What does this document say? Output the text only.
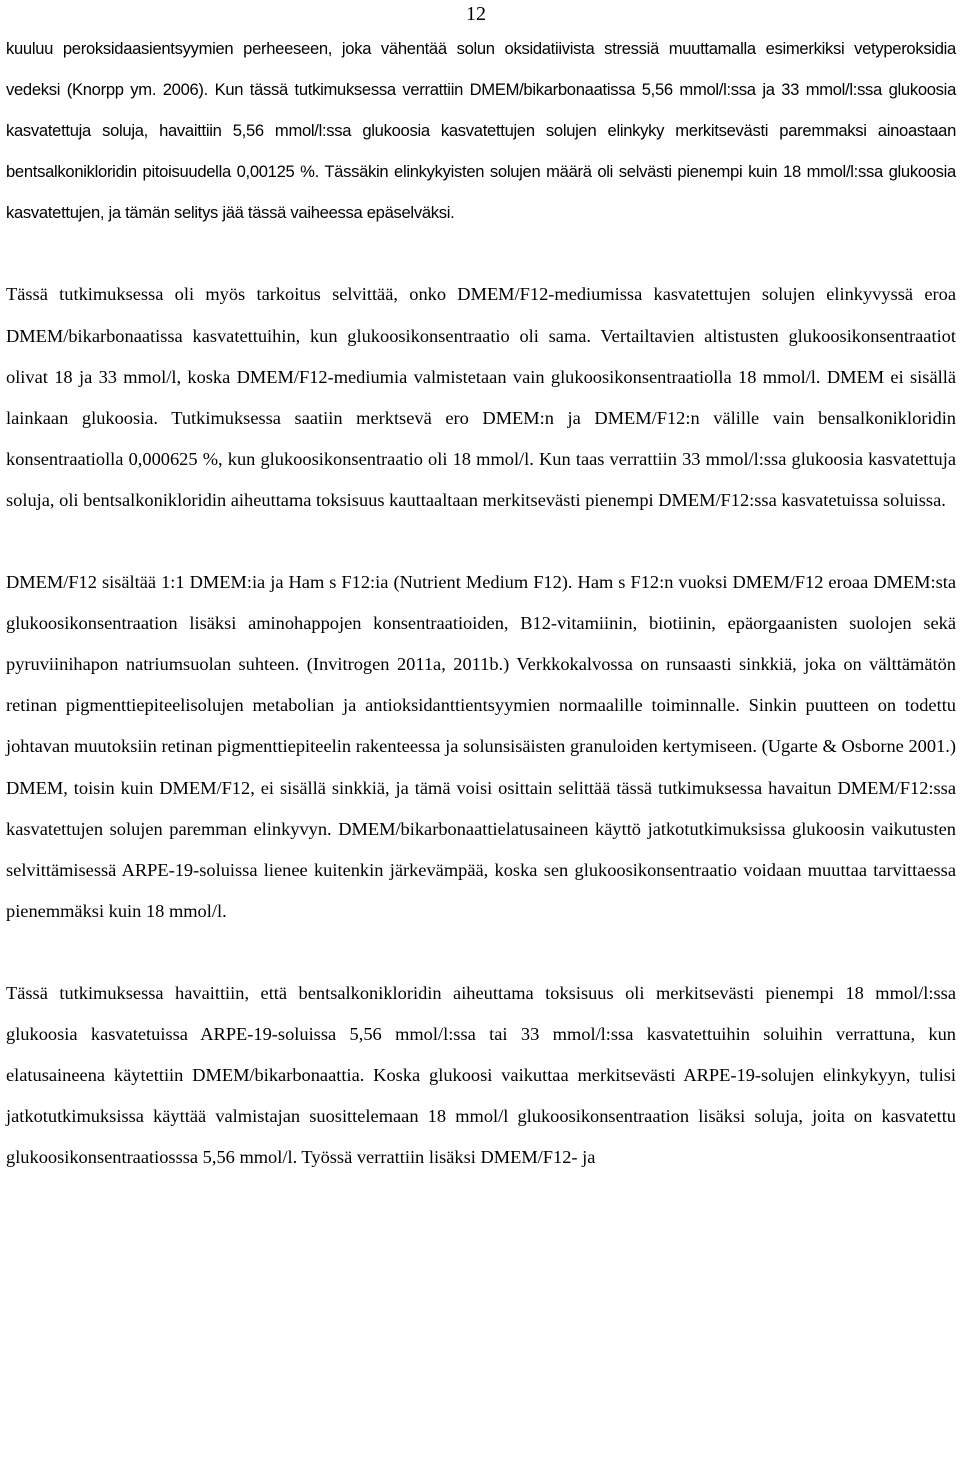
12

kuuluu peroksidaasientsyymien perheeseen, joka vähentää solun oksidatiivista stressiä muuttamalla esimerkiksi vetyperoksidia vedeksi (Knorpp ym. 2006). Kun tässä tutkimuksessa verrattiin DMEM/bikarbonaatissa 5,56 mmol/l:ssa ja 33 mmol/l:ssa glukoosia kasvatettuja soluja, havaittiin 5,56 mmol/l:ssa glukoosia kasvatettujen solujen elinkyky merkitsevästi paremmaksi ainoastaan bentsalkonikloridin pitoisuudella 0,00125 %. Tässäkin elinkykyisten solujen määrä oli selvästi pienempi kuin 18 mmol/l:ssa glukoosia kasvatettujen, ja tämän selitys jää tässä vaiheessa epäselväksi.

Tässä tutkimuksessa oli myös tarkoitus selvittää, onko DMEM/F12-mediumissa kasvatettujen solujen elinkyvyssä eroa DMEM/bikarbonaatissa kasvatettuihin, kun glukoosikonsentraatio oli sama. Vertailtavien altistusten glukoosikonsentraatiot olivat 18 ja 33 mmol/l, koska DMEM/F12-mediumia valmistetaan vain glukoosikonsentraatiolla 18 mmol/l. DMEM ei sisällä lainkaan glukoosia. Tutkimuksessa saatiin merktsevä ero DMEM:n ja DMEM/F12:n välille vain bensalkonikloridin konsentraatiolla 0,000625 %, kun glukoosikonsentraatio oli 18 mmol/l. Kun taas verrattiin 33 mmol/l:ssa glukoosia kasvatettuja soluja, oli bentsalkonikloridin aiheuttama toksisuus kauttaaltaan merkitsevästi pienempi DMEM/F12:ssa kasvatetuissa soluissa.

DMEM/F12 sisältää 1:1 DMEM:ia ja Ham s F12:ia (Nutrient Medium F12). Ham s F12:n vuoksi DMEM/F12 eroaa DMEM:sta glukoosikonsentraation lisäksi aminohappojen konsentraatioiden, B12-vitamiinin, biotiinin, epäorgaanisten suolojen sekä pyruviinihapon natriumsuolan suhteen. (Invitrogen 2011a, 2011b.) Verkkokalvossa on runsaasti sinkkiä, joka on välttämätön retinan pigmenttiepiteelisolujen metabolian ja antioksidanttientsyymien normaalille toiminnalle. Sinkin puutteen on todettu johtavan muutoksiin retinan pigmenttiepiteelin rakenteessa ja solunsisäisten granuloiden kertymiseen. (Ugarte & Osborne 2001.) DMEM, toisin kuin DMEM/F12, ei sisällä sinkkiä, ja tämä voisi osittain selittää tässä tutkimuksessa havaitun DMEM/F12:ssa kasvatettujen solujen paremman elinkyvyn. DMEM/bikarbonaattielatusaineen käyttö jatkotutkimuksissa glukoosin vaikutusten selvittämisessä ARPE-19-soluissa lienee kuitenkin järkevämpää, koska sen glukoosikonsentraatio voidaan muuttaa tarvittaessa pienemmäksi kuin 18 mmol/l.

Tässä tutkimuksessa havaittiin, että bentsalkonikloridin aiheuttama toksisuus oli merkitsevästi pienempi 18 mmol/l:ssa glukoosia kasvatetuissa ARPE-19-soluissa 5,56 mmol/l:ssa tai 33 mmol/l:ssa kasvatettuihin soluihin verrattuna, kun elatusaineena käytettiin DMEM/bikarbonaattia. Koska glukoosi vaikuttaa merkitsevästi ARPE-19-solujen elinkykyyn, tulisi jatkotutkimuksissa käyttää valmistajan suosittelemaan 18 mmol/l glukoosikonsentraation lisäksi soluja, joita on kasvatettu glukoosikonsentraatiosssa 5,56 mmol/l. Työssä verrattiin lisäksi DMEM/F12- ja
